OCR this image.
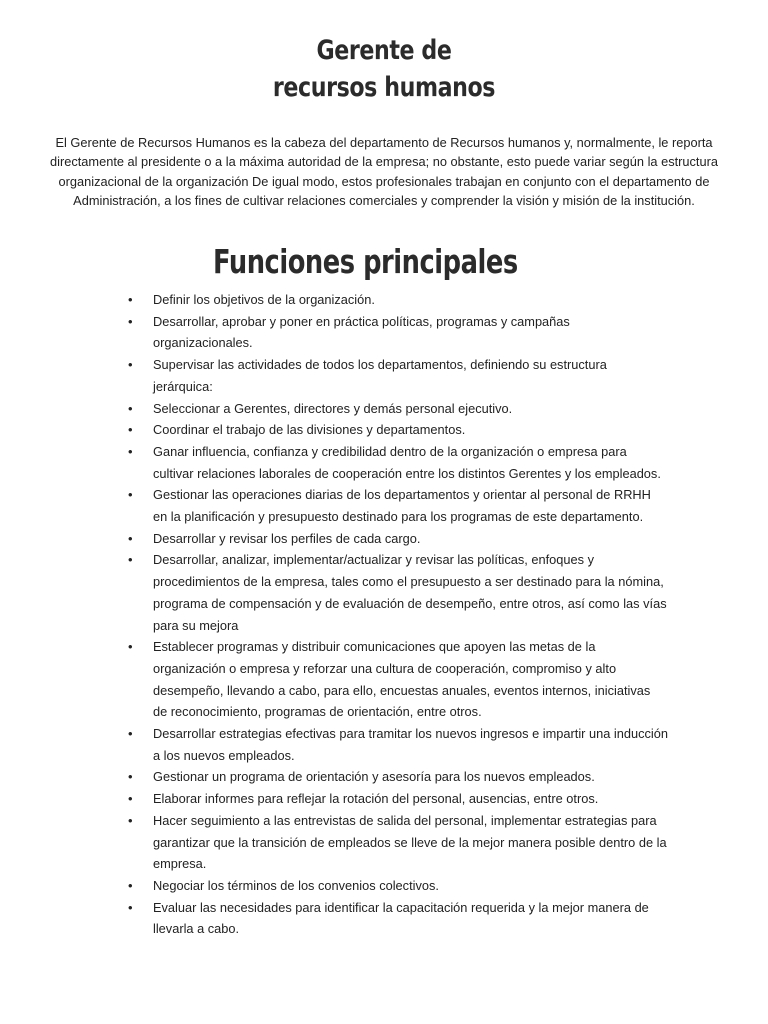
Gerente de
recursos humanos

El Gerente de Recursos Humanos es la cabeza del departamento de Recursos humanos y, normalmente, le reporta directamente al presidente o a la máxima autoridad de la empresa; no obstante, esto puede variar según la estructura organizacional de la organización De igual modo, estos profesionales trabajan en conjunto con el departamento de Administración, a los fines de cultivar relaciones comerciales y comprender la visión y misión de la institución.

Funciones principales
• Definir los objetivos de la organización.
• Desarrollar, aprobar y poner en práctica políticas, programas y campañas organizacionales.
• Supervisar las actividades de todos los departamentos, definiendo su estructura jerárquica:
• Seleccionar a Gerentes, directores y demás personal ejecutivo.
• Coordinar el trabajo de las divisiones y departamentos.
• Ganar influencia, confianza y credibilidad dentro de la organización o empresa para cultivar relaciones laborales de cooperación entre los distintos Gerentes y los empleados.
• Gestionar las operaciones diarias de los departamentos y orientar al personal de RRHH en la planificación y presupuesto destinado para los programas de este departamento.
• Desarrollar y revisar los perfiles de cada cargo.
• Desarrollar, analizar, implementar/actualizar y revisar las políticas, enfoques y procedimientos de la empresa, tales como el presupuesto a ser destinado para la nómina, programa de compensación y de evaluación de desempeño, entre otros, así como las vías para su mejora
• Establecer programas y distribuir comunicaciones que apoyen las metas de la organización o empresa y reforzar una cultura de cooperación, compromiso y alto desempeño, llevando a cabo, para ello, encuestas anuales, eventos internos, iniciativas de reconocimiento, programas de orientación, entre otros.
• Desarrollar estrategias efectivas para tramitar los nuevos ingresos e impartir una inducción a los nuevos empleados.
• Gestionar un programa de orientación y asesoría para los nuevos empleados.
• Elaborar informes para reflejar la rotación del personal, ausencias, entre otros.
• Hacer seguimiento a las entrevistas de salida del personal, implementar estrategias para garantizar que la transición de empleados se lleve de la mejor manera posible dentro de la empresa.
• Negociar los términos de los convenios colectivos.
• Evaluar las necesidades para identificar la capacitación requerida y la mejor manera de llevarla a cabo.
